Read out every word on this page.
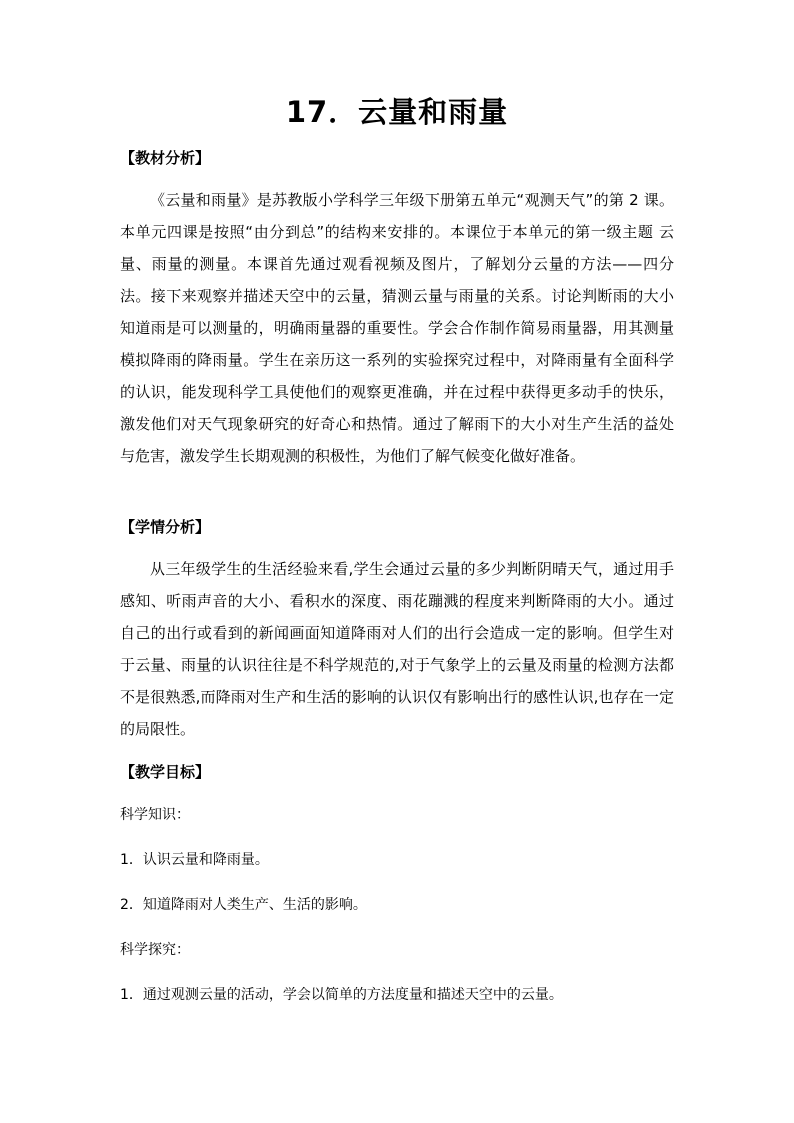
17．云量和雨量
【教材分析】
《云量和雨量》是苏教版小学科学三年级下册第五单元“观测天气”的第 2 课。本单元四课是按照“由分到总”的结构来安排的。本课位于本单元的第一级主题 云量、雨量的测量。本课首先通过观看视频及图片，了解划分云量的方法——四分法。接下来观察并描述天空中的云量，猜测云量与雨量的关系。讨论判断雨的大小知道雨是可以测量的，明确雨量器的重要性。学会合作制作简易雨量器，用其测量模拟降雨的降雨量。学生在亲历这一系列的实验探究过程中，对降雨量有全面科学的认识，能发现科学工具使他们的观察更准确，并在过程中获得更多动手的快乐，激发他们对天气现象研究的好奇心和热情。通过了解雨下的大小对生产生活的益处与危害，激发学生长期观测的积极性，为他们了解气候变化做好准备。
【学情分析】
从三年级学生的生活经验来看,学生会通过云量的多少判断阴晴天气，通过用手感知、听雨声音的大小、看积水的深度、雨花蹦溅的程度来判断降雨的大小。通过自己的出行或看到的新闻画面知道降雨对人们的出行会造成一定的影响。但学生对于云量、雨量的认识往往是不科学规范的,对于气象学上的云量及雨量的检测方法都不是很熟悉,而降雨对生产和生活的影响的认识仅有影响出行的感性认识,也存在一定的局限性。
【教学目标】
科学知识：
1．认识云量和降雨量。
2．知道降雨对人类生产、生活的影响。
科学探究：
1．通过观测云量的活动，学会以简单的方法度量和描述天空中的云量。
